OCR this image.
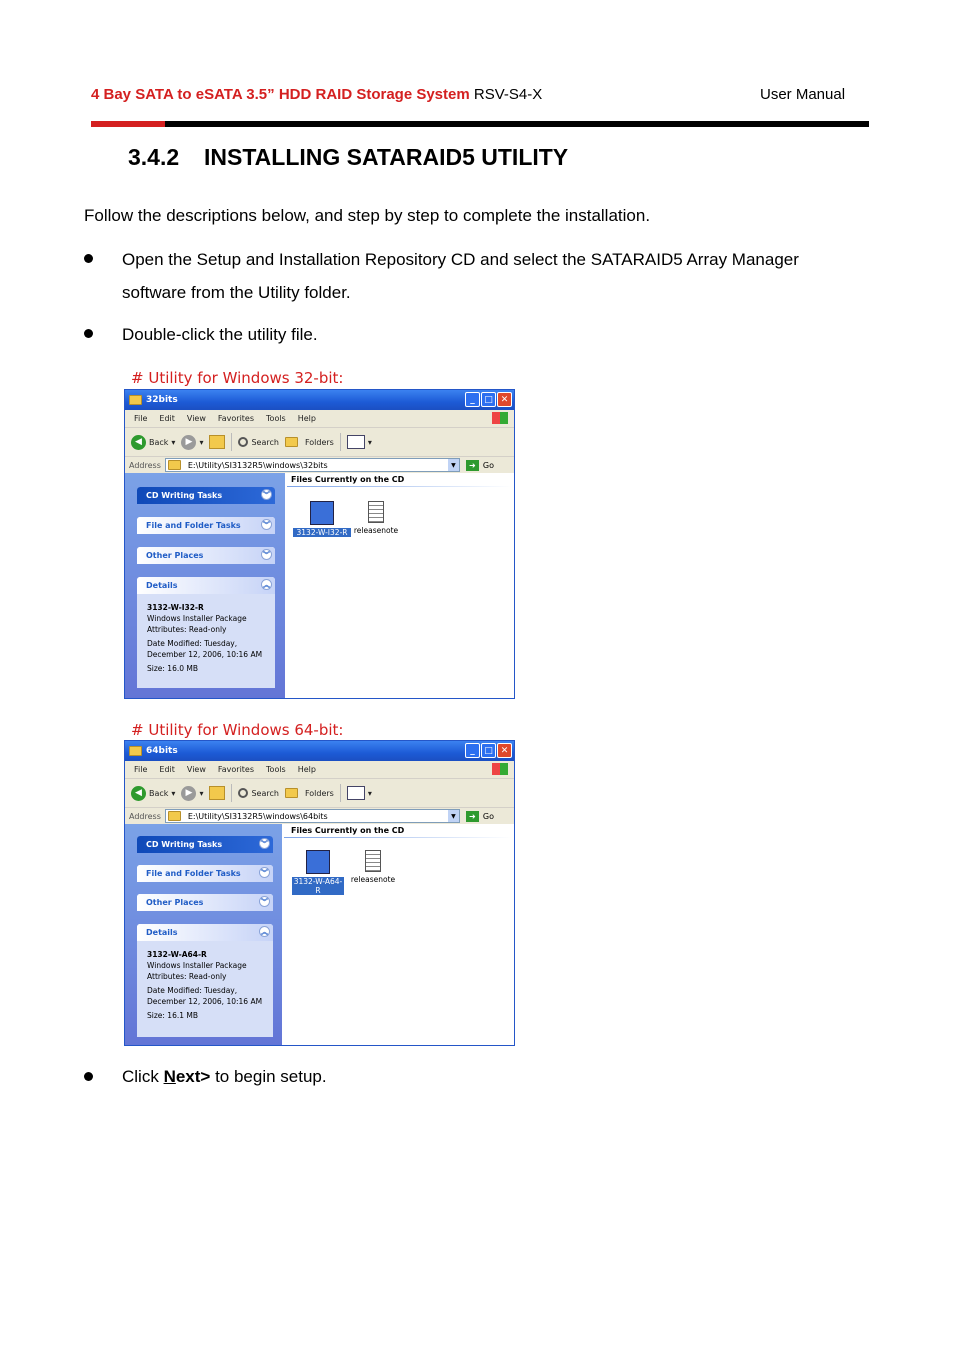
4 Bay SATA to eSATA 3.5” HDD RAID Storage System RSV-S4-X	User Manual
3.4.2 INSTALLING SATARAID5 UTILITY
Follow the descriptions below, and step by step to complete the installation.
Open the Setup and Installation Repository CD and select the SATARAID5 Array Manager software from the Utility folder.
Double-click the utility file.
# Utility for Windows 32-bit:
32bits	_	□ ✕
File Edit View Favorites Tools Help
◀ Back ▾	▶ ▾	Search	Folders	▾
Address	E:\Utility\SI3132R5\windows\32bits	▼	➜ Go
CD Writing Tasks	︾
File and Folder Tasks	︾
Other Places	︾
Details	︽
3132-W-I32-R
Windows Installer Package
Attributes: Read-only
Date Modified: Tuesday,
December 12, 2006, 10:16 AM
Size: 16.0 MB
Files Currently on the CD
3132-W-I32-R releasenote
# Utility for Windows 64-bit:
64bits	_	□ ✕
File Edit View Favorites Tools Help
◀ Back ▾	▶ ▾	Search	Folders	▾
Address	E:\Utility\SI3132R5\windows\64bits	▼	➜ Go
CD Writing Tasks	︾
File and Folder Tasks	︾
Other Places	︾
Details	︽
3132-W-A64-R
Windows Installer Package
Attributes: Read-only
Date Modified: Tuesday,
December 12, 2006, 10:16 AM
Size: 16.1 MB
Files Currently on the CD
3132-W-A64-R
releasenote
Click Next> to begin setup.
